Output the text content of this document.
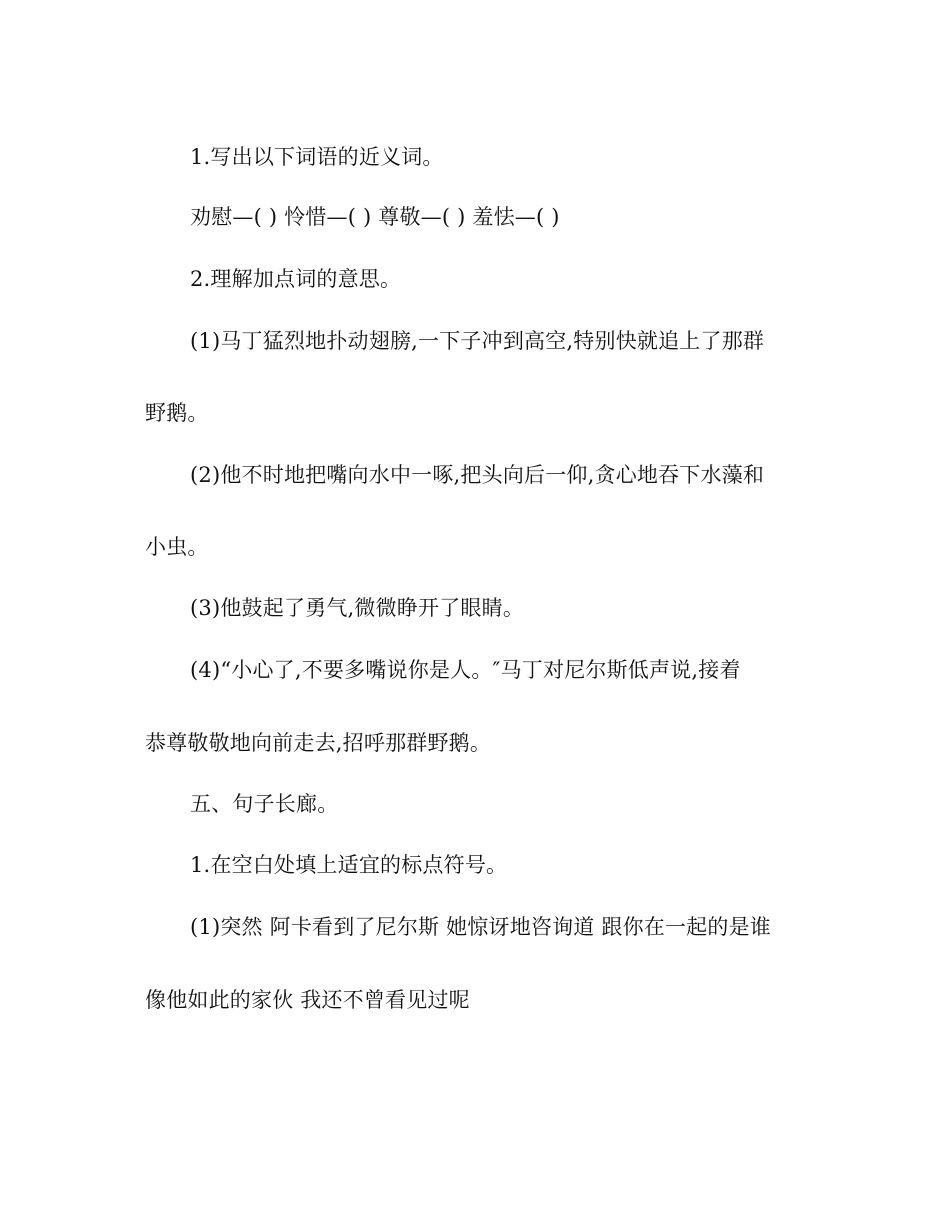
1.写出以下词语的近义词。
劝慰—( ) 怜惜—( ) 尊敬—( ) 羞怯—( )
2.理解加点词的意思。
(1)马丁猛烈地扑动翅膀,一下子冲到高空,特别快就追上了那群
野鹅。
(2)他不时地把嘴向水中一啄,把头向后一仰,贪心地吞下水藻和
小虫。
(3)他鼓起了勇气,微微睁开了眼睛。
(4)“小心了,不要多嘴说你是人。″马丁对尼尔斯低声说,接着
恭尊敬敬地向前走去,招呼那群野鹅。
五、句子长廊。
1.在空白处填上适宜的标点符号。
(1)突然 阿卡看到了尼尔斯 她惊讶地咨询道 跟你在一起的是谁
像他如此的家伙 我还不曾看见过呢
